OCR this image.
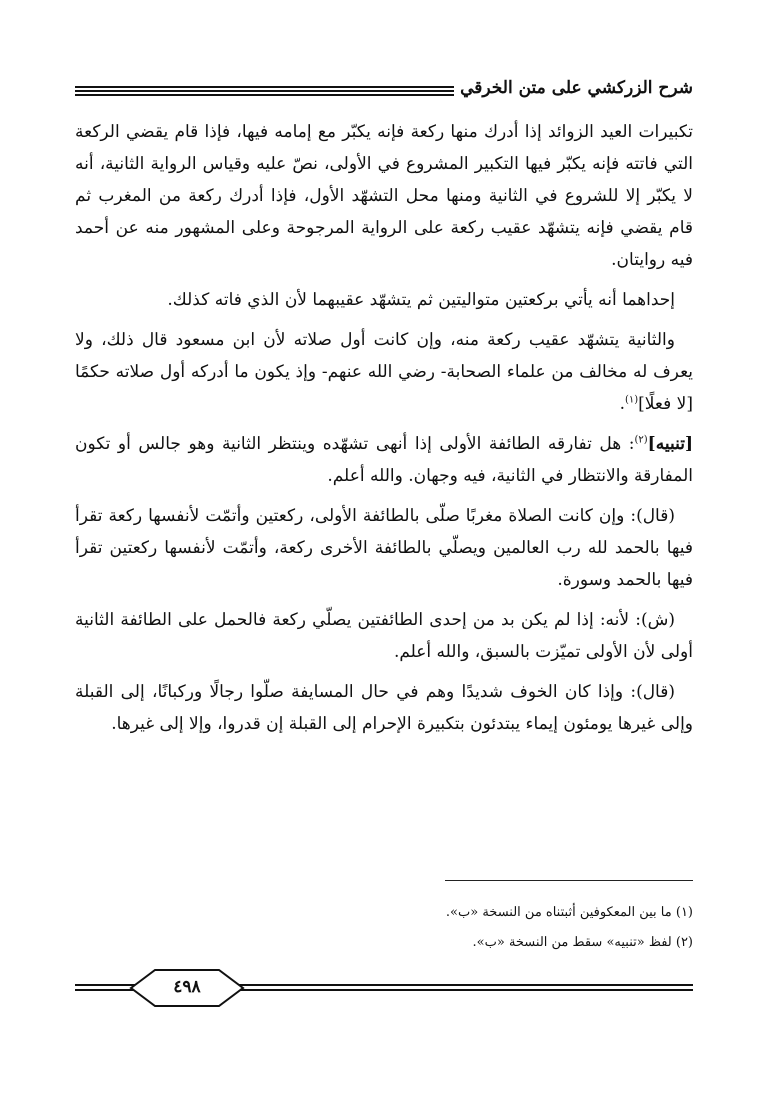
شرح الزركشي على متن الخرقي

تكبيرات العيد الزوائد إذا أدرك منها ركعة فإنه يكبّر مع إمامه فيها، فإذا قام يقضي الركعة التي فاتته فإنه يكبّر فيها التكبير المشروع في الأولى، نصّ عليه وقياس الرواية الثانية، أنه لا يكبّر إلا للشروع في الثانية ومنها محل التشهّد الأول، فإذا أدرك ركعة من المغرب ثم قام يقضي فإنه يتشهّد عقيب ركعة على الرواية المرجوحة وعلى المشهور منه عن أحمد فيه روايتان.

إحداهما أنه يأتي بركعتين متواليتين ثم يتشهّد عقيبهما لأن الذي فاته كذلك.

والثانية يتشهّد عقيب ركعة منه، وإن كانت أول صلاته لأن ابن مسعود قال ذلك، ولا يعرف له مخالف من علماء الصحابة- رضي الله عنهم- وإذ يكون ما أدركه أول صلاته حكمًا [لا فعلًا]$^{(١)}$.

[تنبيه]$^{(٢)}$: هل تفارقه الطائفة الأولى إذا أنهى تشهّده وينتظر الثانية وهو جالس أو تكون المفارقة والانتظار في الثانية، فيه وجهان. والله أعلم.

(قال): وإن كانت الصلاة مغربًا صلّى بالطائفة الأولى، ركعتين وأتمّت لأنفسها ركعة تقرأ فيها بالحمد لله رب العالمين ويصلّي بالطائفة الأخرى ركعة، وأتمّت لأنفسها ركعتين تقرأ فيها بالحمد وسورة.

(ش): لأنه: إذا لم يكن بد من إحدى الطائفتين يصلّي ركعة فالحمل على الطائفة الثانية أولى لأن الأولى تميّزت بالسبق، والله أعلم.

(قال): وإذا كان الخوف شديدًا وهم في حال المسايفة صلّوا رجالًا وركبانًا، إلى القبلة وإلى غيرها يومئون إيماء يبتدئون بتكبيرة الإحرام إلى القبلة إن قدروا، وإلا إلى غيرها.

(١) ما بين المعكوفين أثبتناه من النسخة «ب».

(٢) لفظ «تنبيه» سقط من النسخة «ب».

٤٩٨
